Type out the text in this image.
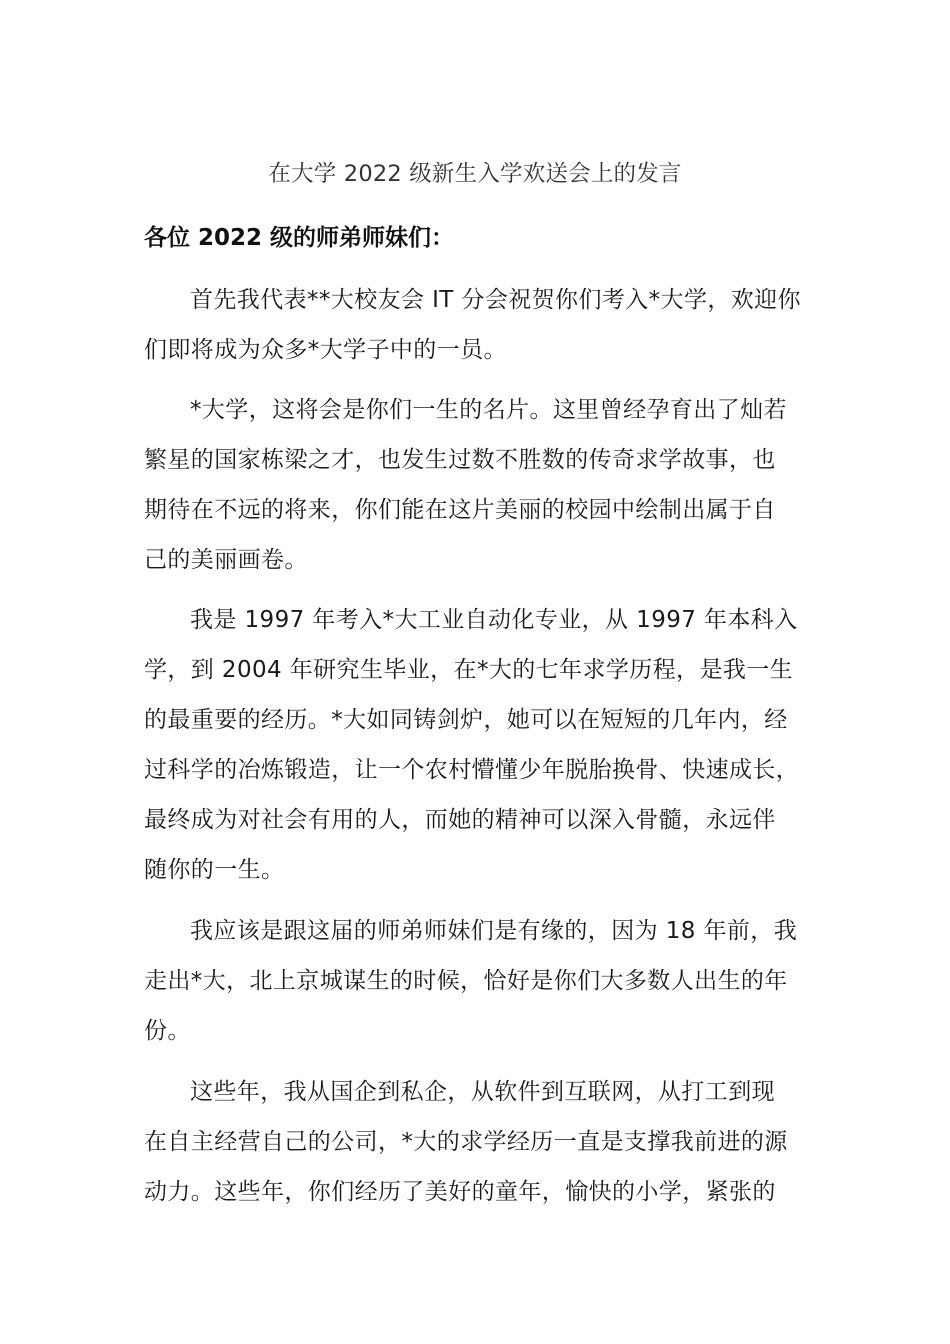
在大学 2022 级新生入学欢送会上的发言
各位 2022 级的师弟师妹们：
首先我代表**大校友会 IT 分会祝贺你们考入*大学，欢迎你
们即将成为众多*大学子中的一员。
*大学，这将会是你们一生的名片。这里曾经孕育出了灿若
繁星的国家栋梁之才，也发生过数不胜数的传奇求学故事，也
期待在不远的将来，你们能在这片美丽的校园中绘制出属于自
己的美丽画卷。
我是 1997 年考入*大工业自动化专业，从 1997 年本科入
学，到 2004 年研究生毕业，在*大的七年求学历程，是我一生
的最重要的经历。*大如同铸剑炉，她可以在短短的几年内，经
过科学的冶炼锻造，让一个农村懵懂少年脱胎换骨、快速成长，
最终成为对社会有用的人，而她的精神可以深入骨髓，永远伴
随你的一生。
我应该是跟这届的师弟师妹们是有缘的，因为 18 年前，我
走出*大，北上京城谋生的时候，恰好是你们大多数人出生的年
份。
这些年，我从国企到私企，从软件到互联网，从打工到现
在自主经营自己的公司，*大的求学经历一直是支撑我前进的源
动力。这些年，你们经历了美好的童年，愉快的小学，紧张的
